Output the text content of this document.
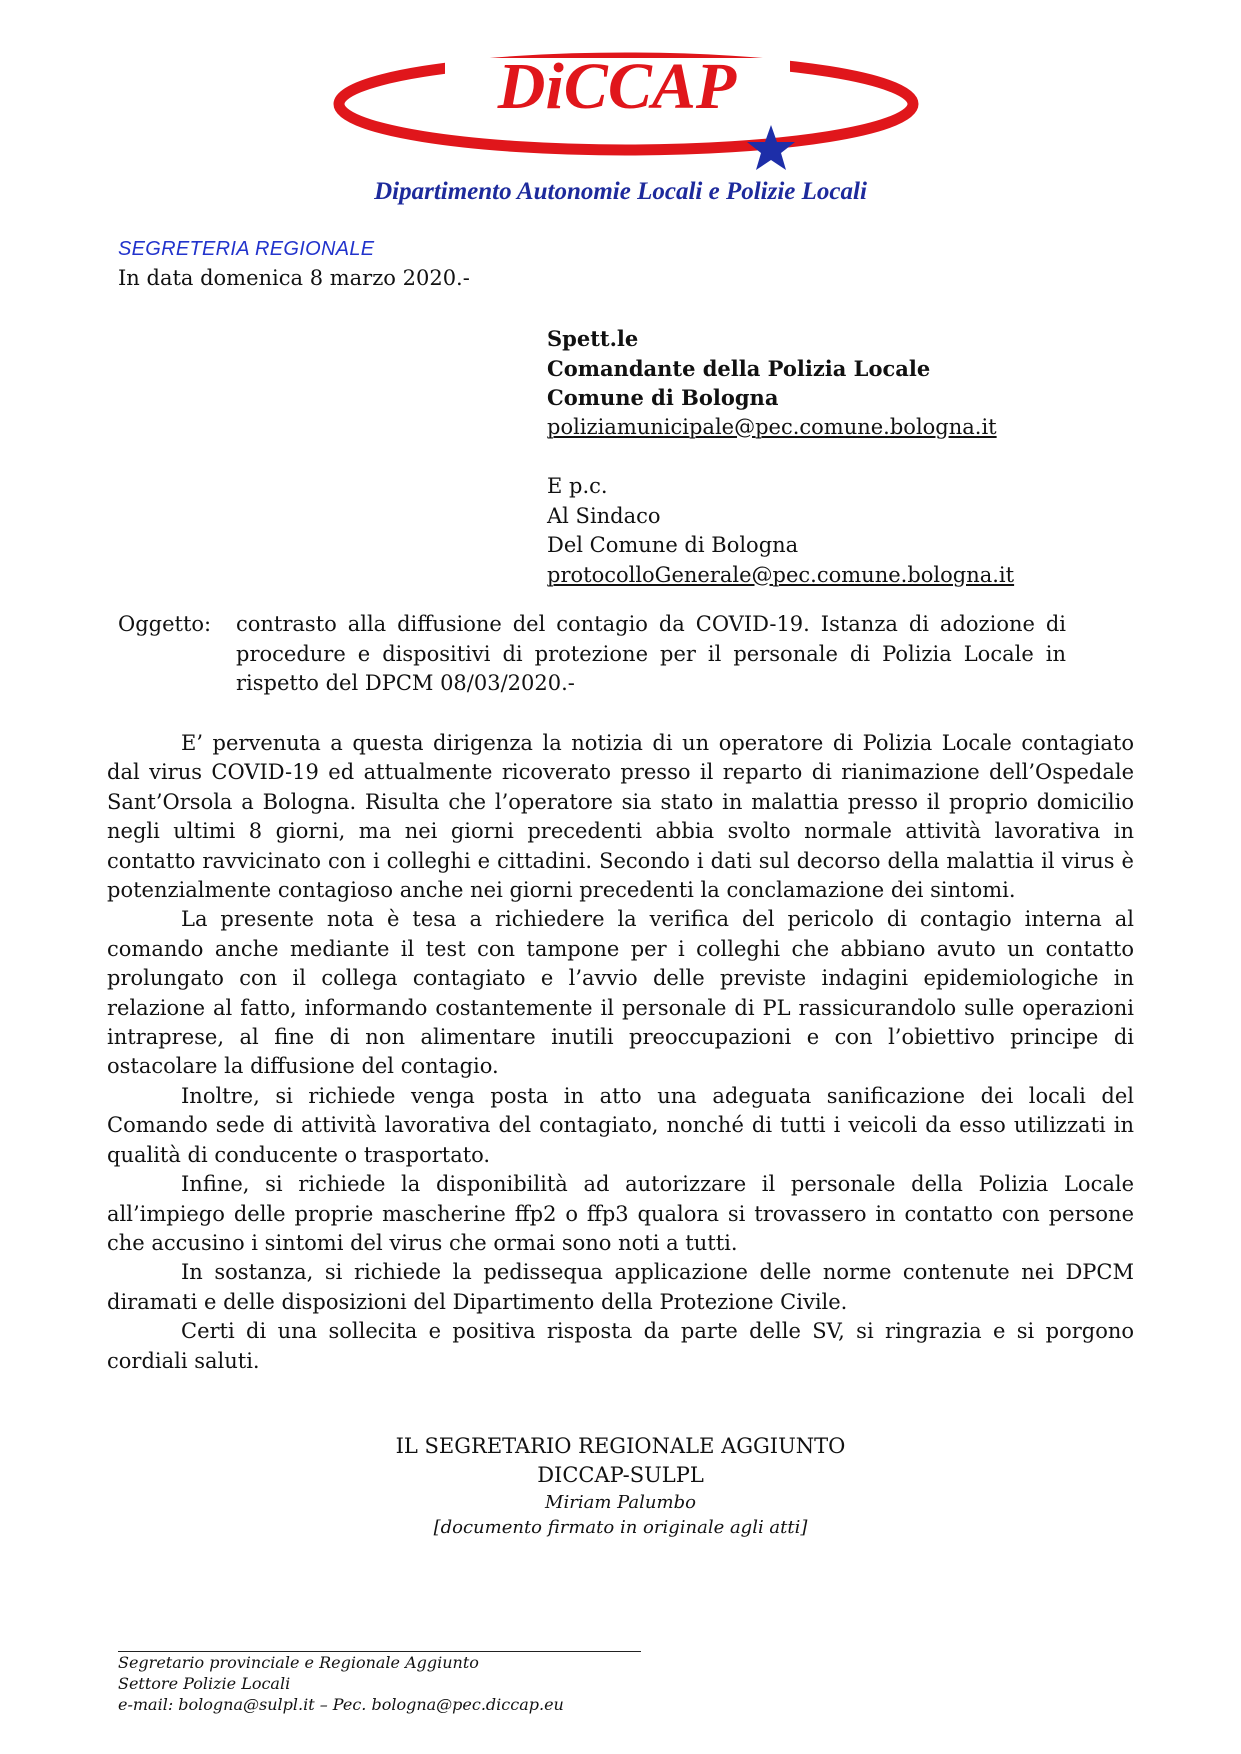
DiCCAP
Dipartimento Autonomie Locali e Polizie Locali
SEGRETERIA REGIONALE
In data domenica 8 marzo 2020.-
Spett.le
Comandante della Polizia Locale
Comune di Bologna
poliziamunicipale@pec.comune.bologna.it
E p.c.
Al Sindaco
Del Comune di Bologna
protocolloGenerale@pec.comune.bologna.it
Oggetto: contrasto alla diffusione del contagio da COVID-19. Istanza di adozione di procedure e dispositivi di protezione per il personale di Polizia Locale in rispetto del DPCM 08/03/2020.-

E’ pervenuta a questa dirigenza la notizia di un operatore di Polizia Locale contagiato dal virus COVID-19 ed attualmente ricoverato presso il reparto di rianimazione dell’Ospedale Sant’Orsola a Bologna. Risulta che l’operatore sia stato in malattia presso il proprio domicilio negli ultimi 8 giorni, ma nei giorni precedenti abbia svolto normale attività lavorativa in contatto ravvicinato con i colleghi e cittadini. Secondo i dati sul decorso della malattia il virus è potenzialmente contagioso anche nei giorni precedenti la conclamazione dei sintomi.

La presente nota è tesa a richiedere la verifica del pericolo di contagio interna al comando anche mediante il test con tampone per i colleghi che abbiano avuto un contatto prolungato con il collega contagiato e l’avvio delle previste indagini epidemiologiche in relazione al fatto, informando costantemente il personale di PL rassicurandolo sulle operazioni intraprese, al fine di non alimentare inutili preoccupazioni e con l’obiettivo principe di ostacolare la diffusione del contagio.

Inoltre, si richiede venga posta in atto una adeguata sanificazione dei locali del Comando sede di attività lavorativa del contagiato, nonché di tutti i veicoli da esso utilizzati in qualità di conducente o trasportato.

Infine, si richiede la disponibilità ad autorizzare il personale della Polizia Locale all’impiego delle proprie mascherine ffp2 o ffp3 qualora si trovassero in contatto con persone che accusino i sintomi del virus che ormai sono noti a tutti.

In sostanza, si richiede la pedissequa applicazione delle norme contenute nei DPCM diramati e delle disposizioni del Dipartimento della Protezione Civile.

Certi di una sollecita e positiva risposta da parte delle SV, si ringrazia e si porgono cordiali saluti.

IL SEGRETARIO REGIONALE AGGIUNTO
DICCAP-SULPL
Miriam Palumbo
[documento firmato in originale agli atti]
Segretario provinciale e Regionale Aggiunto
Settore Polizie Locali
e-mail: bologna@sulpl.it – Pec. bologna@pec.diccap.eu
